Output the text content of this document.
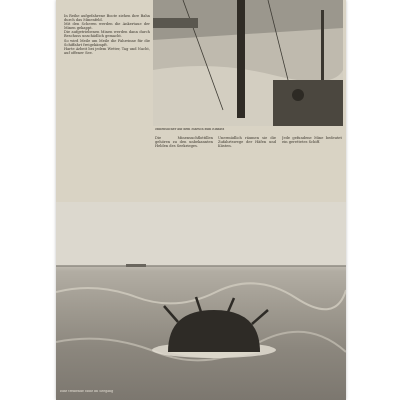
In Reihe aufgefahrene Boote ziehen ihre Bahn durch das Minenfeld.

Mit den Scheren werden die Ankertaue der Minen gekappt.

Die aufgetriebenen Minen werden dann durch Beschuss unschädlich gemacht.

So wird Meile um Meile die Fahrrinne für die Schiffahrt freigekämpft.

Harte Arbeit bei jedem Wetter, Tag und Nacht, auf offener See.

Minensucher auf dem Marsch zum Einsatz

Die Minensuchflottillen gehören zu den unbekannten Helden des Seekrieges.

Unermüdlich räumen sie die Zufahrtswege der Häfen und Küsten.

Jede gefundene Mine bedeutet ein gerettetes Schiff.

Eine treibende Mine im Seegang
